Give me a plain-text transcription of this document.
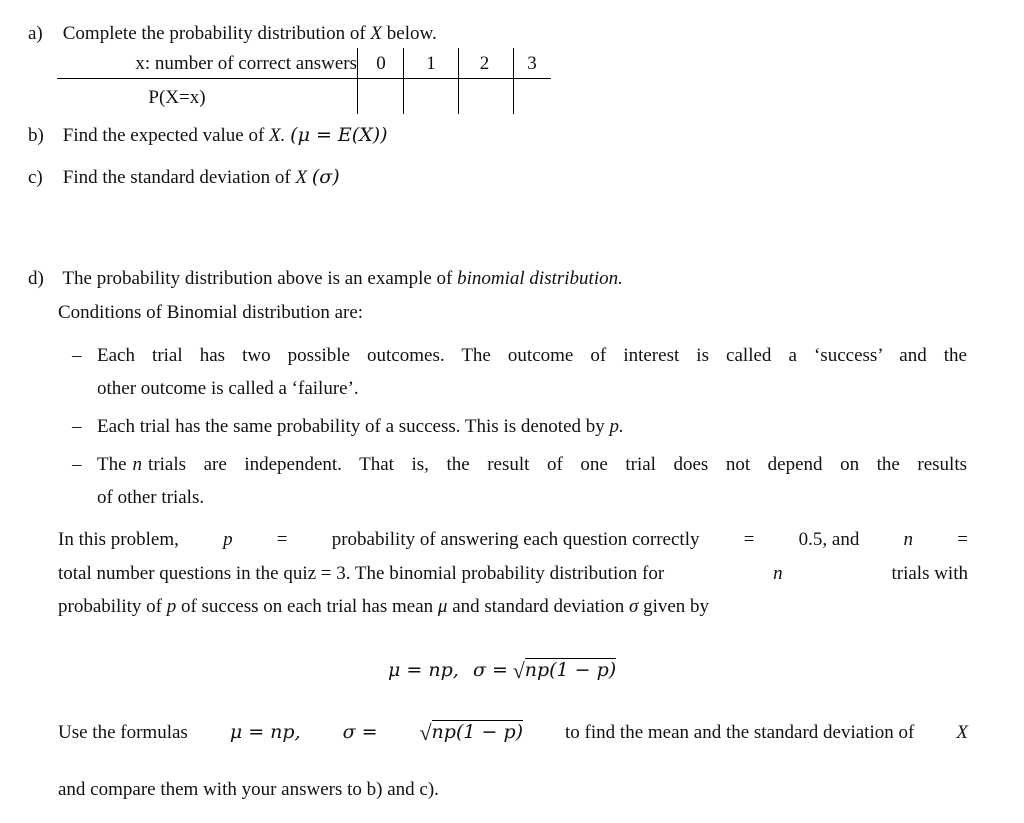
a) Complete the probability distribution of X below.
x: number of correct answers	0	1	2	3
P(X=x)
b) Find the expected value of X. (μ = E(X))
c) Find the standard deviation of X (σ)
d) The probability distribution above is an example of binomial distribution.
Conditions of Binomial distribution are:
– Each trial has two possible outcomes. The outcome of interest is called a ‘success’ and the
other outcome is called a ‘failure’.
– Each trial has the same probability of a success. This is denoted by p.
– The n trials are independent. That is, the result of one trial does not depend on the results
of other trials.
In this problem, p = probability of answering each question correctly = 0.5, and n =
total number questions in the quiz = 3. The binomial probability distribution for	n	trials with
probability of p of success on each trial has mean μ and standard deviation σ given by
μ = np, σ = √np(1 − p)
Use the formulas μ = np, σ = √np(1 − p) to find the mean and the standard deviation of X
and compare them with your answers to b) and c).
